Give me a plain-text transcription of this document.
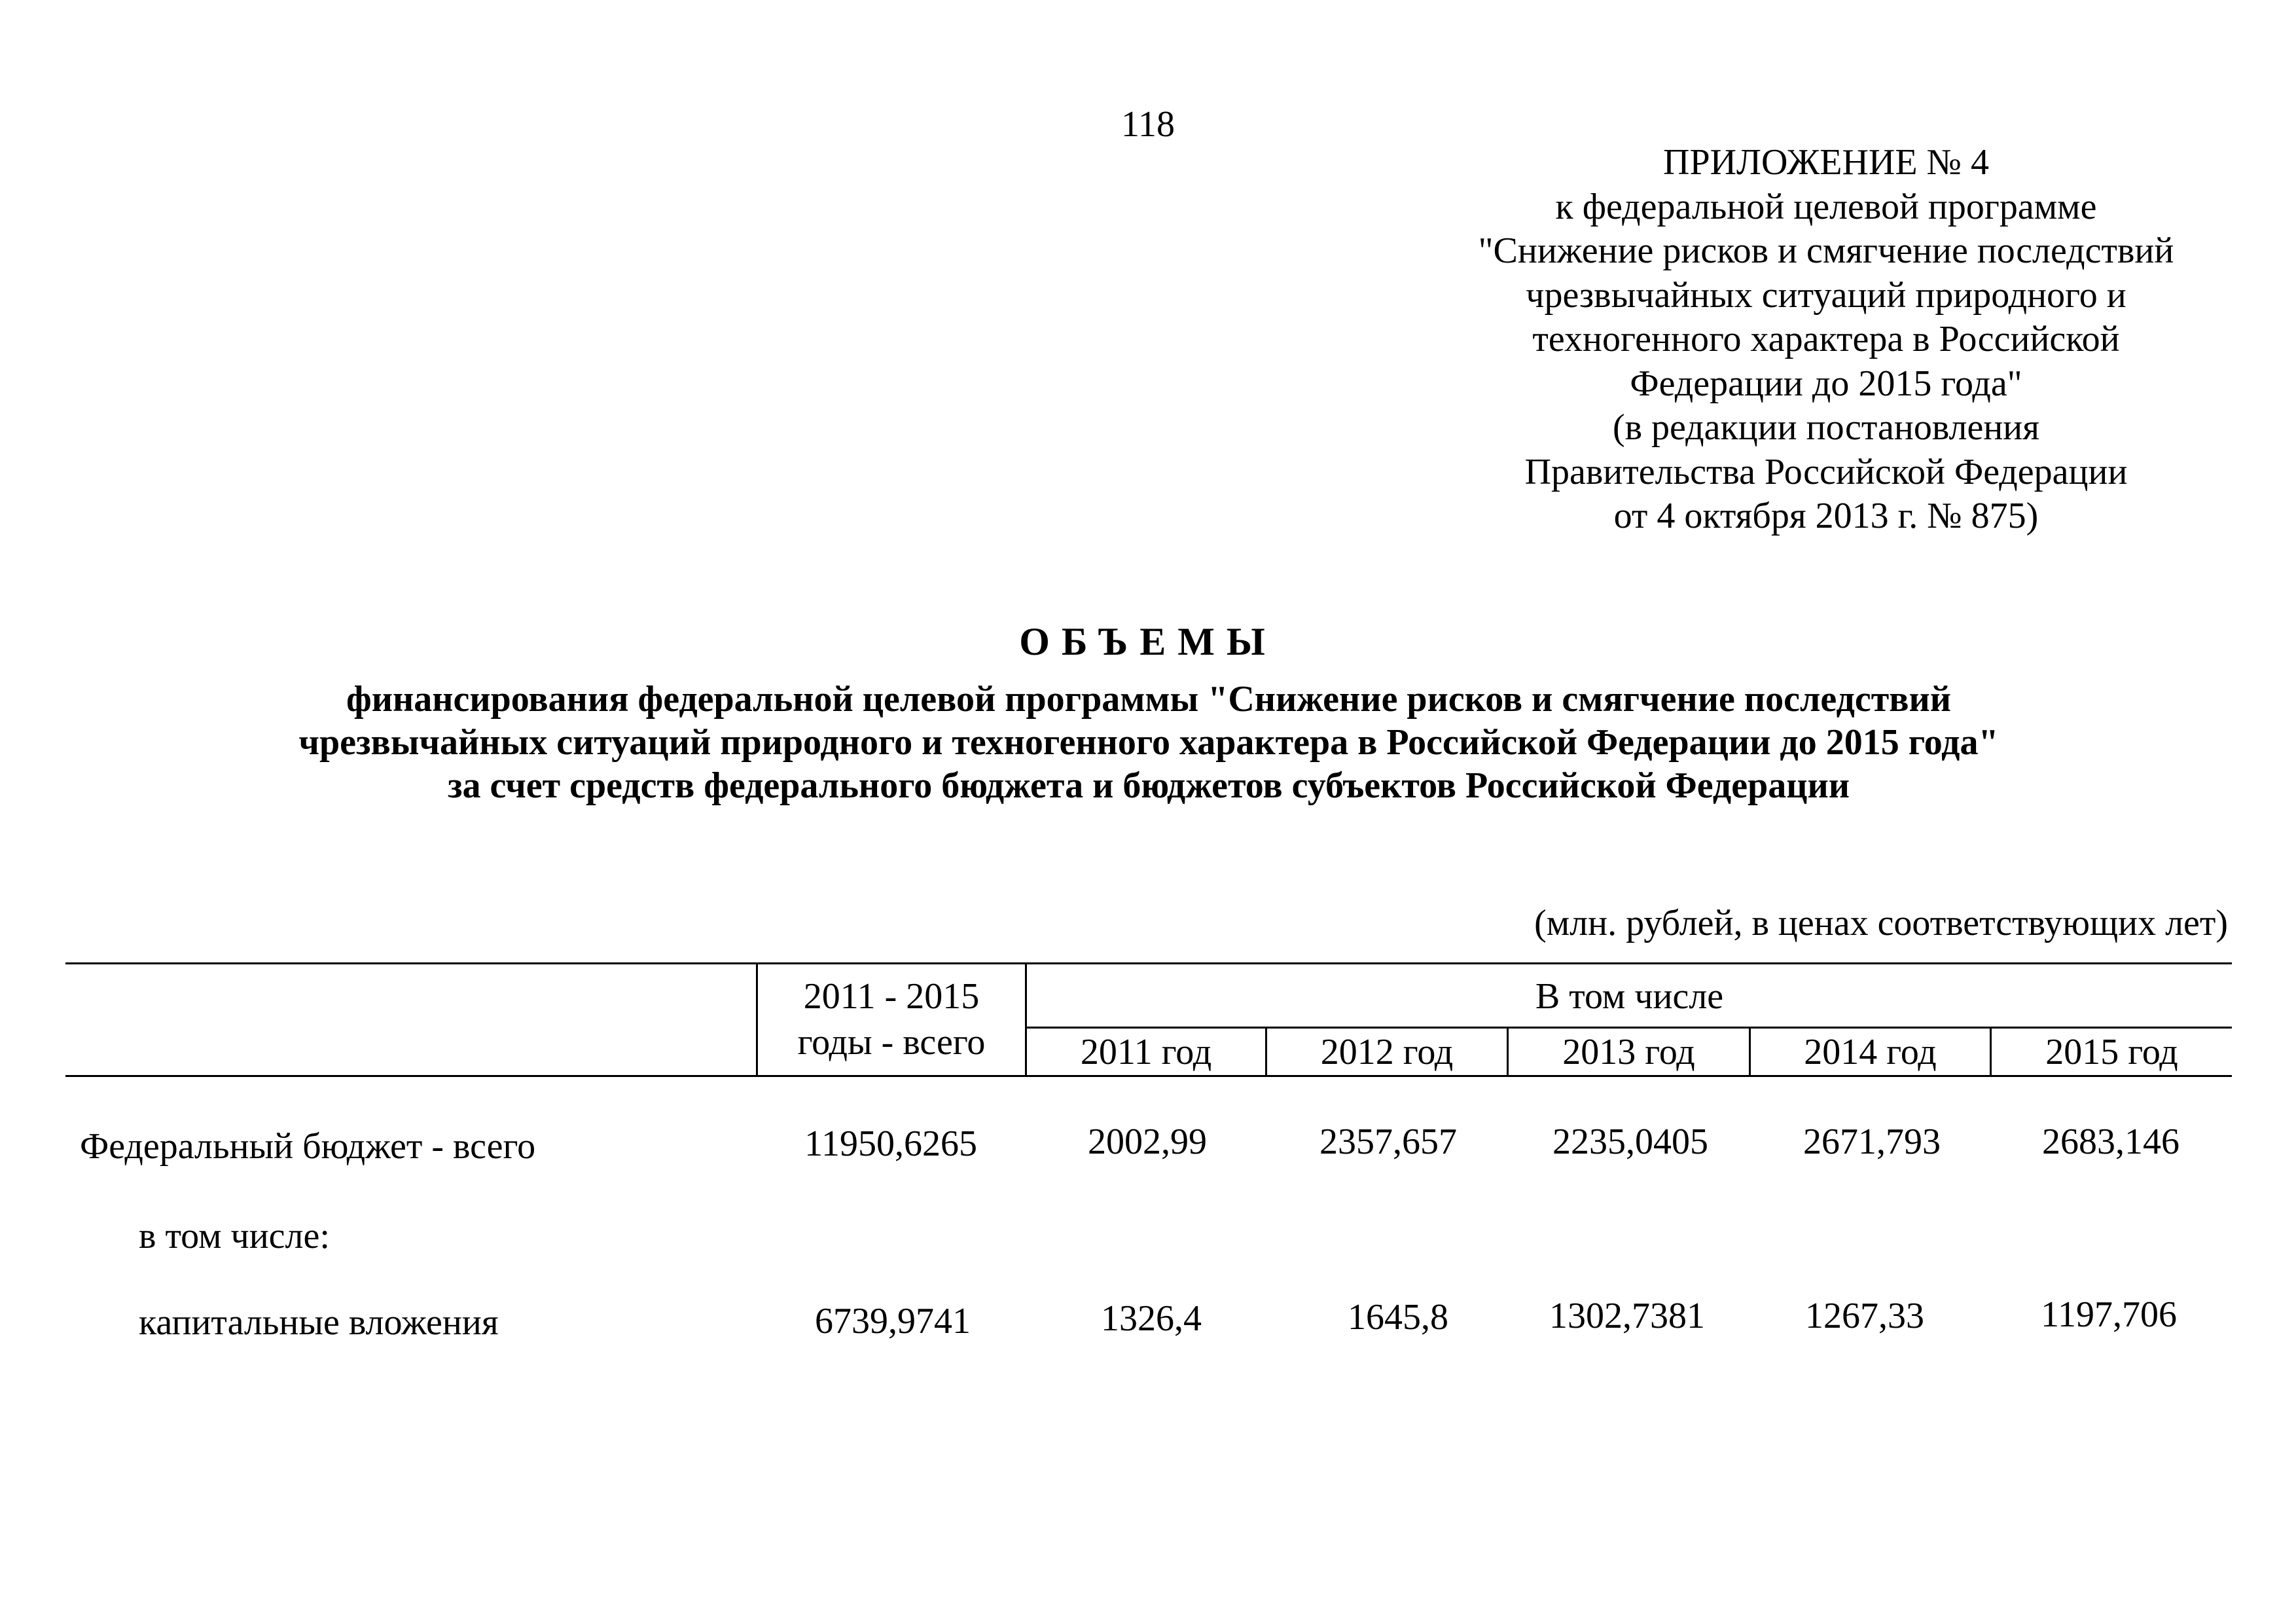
118
ПРИЛОЖЕНИЕ № 4
к федеральной целевой программе
"Снижение рисков и смягчение последствий
чрезвычайных ситуаций природного и
техногенного характера в Российской
Федерации до 2015 года"
(в редакции постановления
Правительства Российской Федерации
от 4 октября 2013 г. № 875)
ОБЪЕМЫ
финансирования федеральной целевой программы "Снижение рисков и смягчение последствий
чрезвычайных ситуаций природного и техногенного характера в Российской Федерации до 2015 года"
за счет средств федерального бюджета и бюджетов субъектов Российской Федерации
(млн. рублей, в ценах соответствующих лет)
2011 - 2015
годы - всего
В том числе
2011 год	2012 год	2013 год	2014 год	2015 год
Федеральный бюджет - всего	11950,6265	2002,99	2357,657	2235,0405	2671,793	2683,146
в том числе:
капитальные вложения	6739,9741	1326,4	1645,8	1302,7381	1267,33	1197,706
